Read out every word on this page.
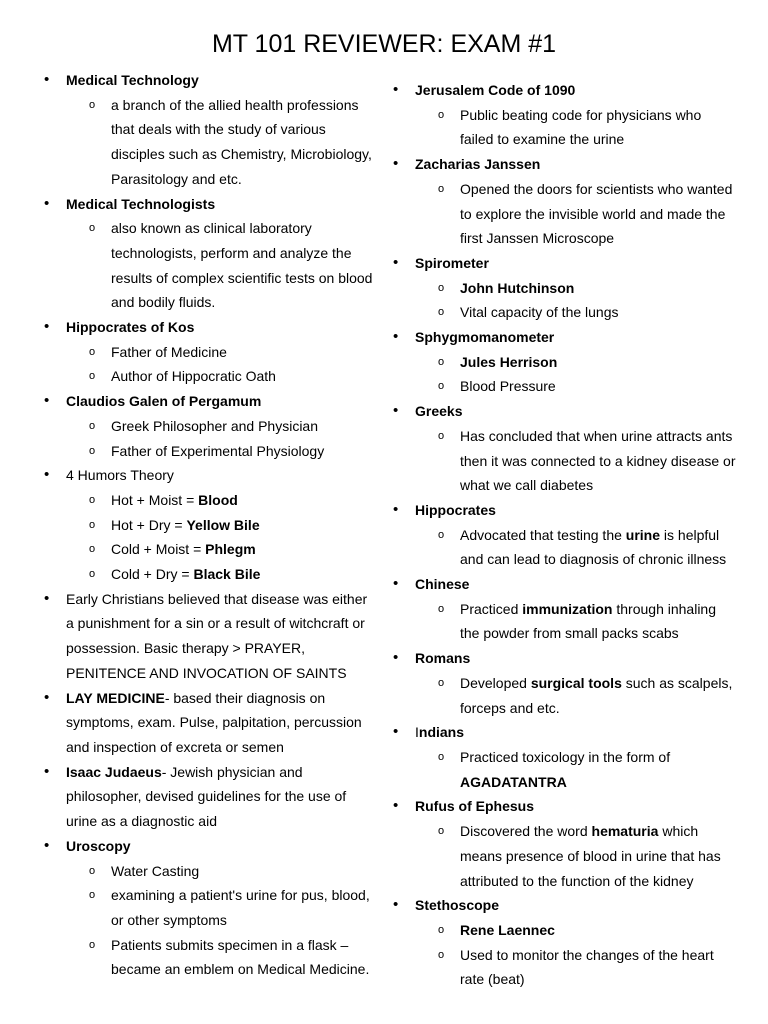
MT 101 REVIEWER: EXAM #1
• Medical Technology
o a branch of the allied health professions that deals with the study of various disciples such as Chemistry, Microbiology, Parasitology and etc.
• Medical Technologists
o also known as clinical laboratory technologists, perform and analyze the results of complex scientific tests on blood and bodily fluids.
• Hippocrates of Kos
o Father of Medicine
o Author of Hippocratic Oath
• Claudios Galen of Pergamum
o Greek Philosopher and Physician
o Father of Experimental Physiology
• 4 Humors Theory
o Hot + Moist = Blood
o Hot + Dry = Yellow Bile
o Cold + Moist = Phlegm
o Cold + Dry = Black Bile
• Early Christians believed that disease was either a punishment for a sin or a result of witchcraft or possession. Basic therapy > PRAYER, PENITENCE AND INVOCATION OF SAINTS
• LAY MEDICINE- based their diagnosis on symptoms, exam. Pulse, palpitation, percussion and inspection of excreta or semen
• Isaac Judaeus- Jewish physician and philosopher, devised guidelines for the use of urine as a diagnostic aid
• Uroscopy
o Water Casting
o examining a patient's urine for pus, blood, or other symptoms
o Patients submits specimen in a flask – became an emblem on Medical Medicine.
• Jerusalem Code of 1090
o Public beating code for physicians who failed to examine the urine
• Zacharias Janssen
o Opened the doors for scientists who wanted to explore the invisible world and made the first Janssen Microscope
• Spirometer
o John Hutchinson
o Vital capacity of the lungs
• Sphygmomanometer
o Jules Herrison
o Blood Pressure
• Greeks
o Has concluded that when urine attracts ants then it was connected to a kidney disease or what we call diabetes
• Hippocrates
o Advocated that testing the urine is helpful and can lead to diagnosis of chronic illness
• Chinese
o Practiced immunization through inhaling the powder from small packs scabs
• Romans
o Developed surgical tools such as scalpels, forceps and etc.
• Indians
o Practiced toxicology in the form of AGADATANTRA
• Rufus of Ephesus
o Discovered the word hematuria which means presence of blood in urine that has attributed to the function of the kidney
• Stethoscope
o Rene Laennec
o Used to monitor the changes of the heart rate (beat)
